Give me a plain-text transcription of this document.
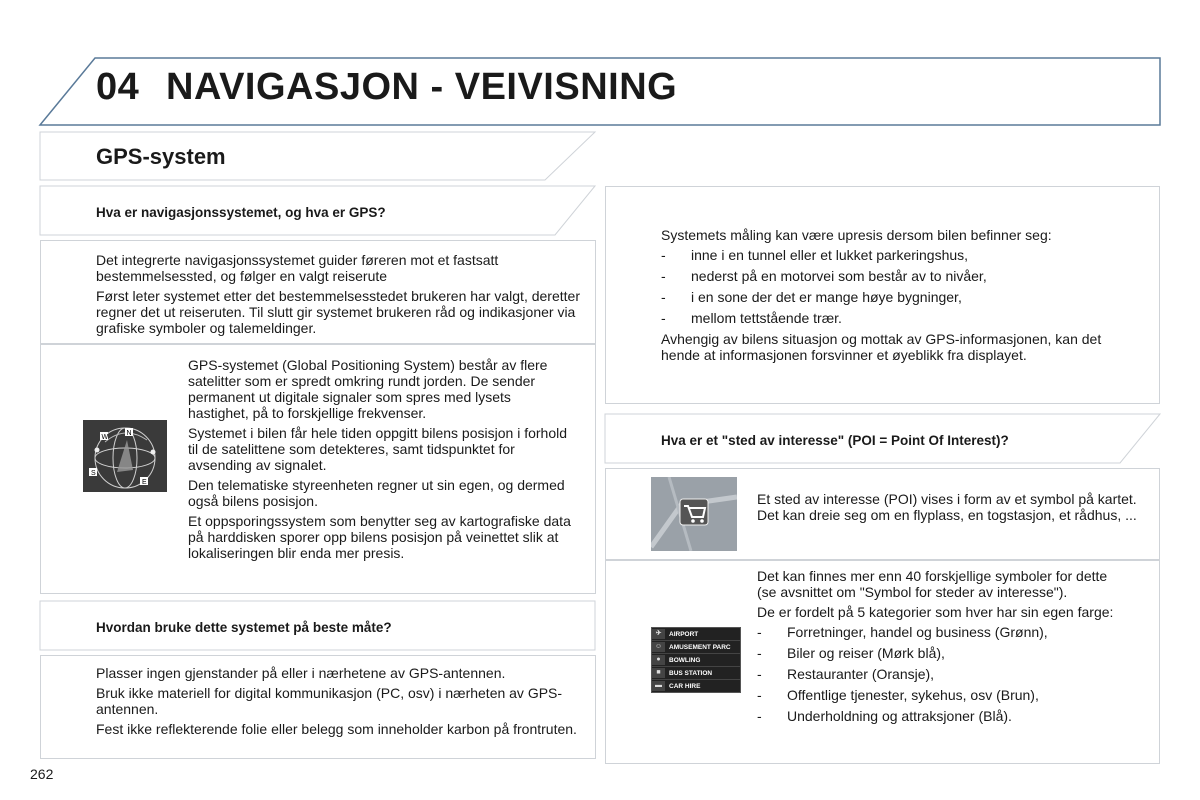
04 NAVIGASJON - VEIVISNING
GPS-system
Hva er navigasjonssystemet, og hva er GPS?

Det integrerte navigasjonssystemet guider føreren mot et fastsatt bestemmelsessted, og følger en valgt reiserute

Først leter systemet etter det bestemmelsesstedet brukeren har valgt, deretter regner det ut reiseruten. Til slutt gir systemet brukeren råd og indikasjoner via grafiske symboler og talemeldinger.

W
N
S
E

GPS-systemet (Global Positioning System) består av flere satelitter som er spredt omkring rundt jorden. De sender permanent ut digitale signaler som spres med lysets hastighet, på to forskjellige frekvenser.

Systemet i bilen får hele tiden oppgitt bilens posisjon i forhold til de satelittene som detekteres, samt tidspunktet for avsending av signalet.

Den telematiske styreenheten regner ut sin egen, og dermed også bilens posisjon.

Et oppsporingssystem som benytter seg av kartografiske data på harddisken sporer opp bilens posisjon på veinettet slik at lokaliseringen blir enda mer presis.

Hvordan bruke dette systemet på beste måte?

Plasser ingen gjenstander på eller i nærhetene av GPS-antennen.

Bruk ikke materiell for digital kommunikasjon (PC, osv) i nærheten av GPS-antennen.

Fest ikke reflekterende folie eller belegg som inneholder karbon på frontruten.

Systemets måling kan være upresis dersom bilen befinner seg:

- inne i en tunnel eller et lukket parkeringshus,
- nederst på en motorvei som består av to nivåer,
- i en sone der det er mange høye bygninger,
- mellom tettstående trær.

Avhengig av bilens situasjon og mottak av GPS-informasjonen, kan det hende at informasjonen forsvinner et øyeblikk fra displayet.

Hva er et "sted av interesse" (POI = Point Of Interest)?
Et sted av interesse (POI) vises i form av et symbol på kartet. Det kan dreie seg om en flyplass, en togstasjon, et rådhus, ...
✈	AIRPORT
☺	AMUSEMENT PARC
●	BOWLING
■	BUS STATION
▬	CAR HIRE

Det kan finnes mer enn 40 forskjellige symboler for dette (se avsnittet om "Symbol for steder av interesse").

De er fordelt på 5 kategorier som hver har sin egen farge:

- Forretninger, handel og business (Grønn),
- Biler og reiser (Mørk blå),
- Restauranter (Oransje),
- Offentlige tjenester, sykehus, osv (Brun),
- Underholdning og attraksjoner (Blå).
262
